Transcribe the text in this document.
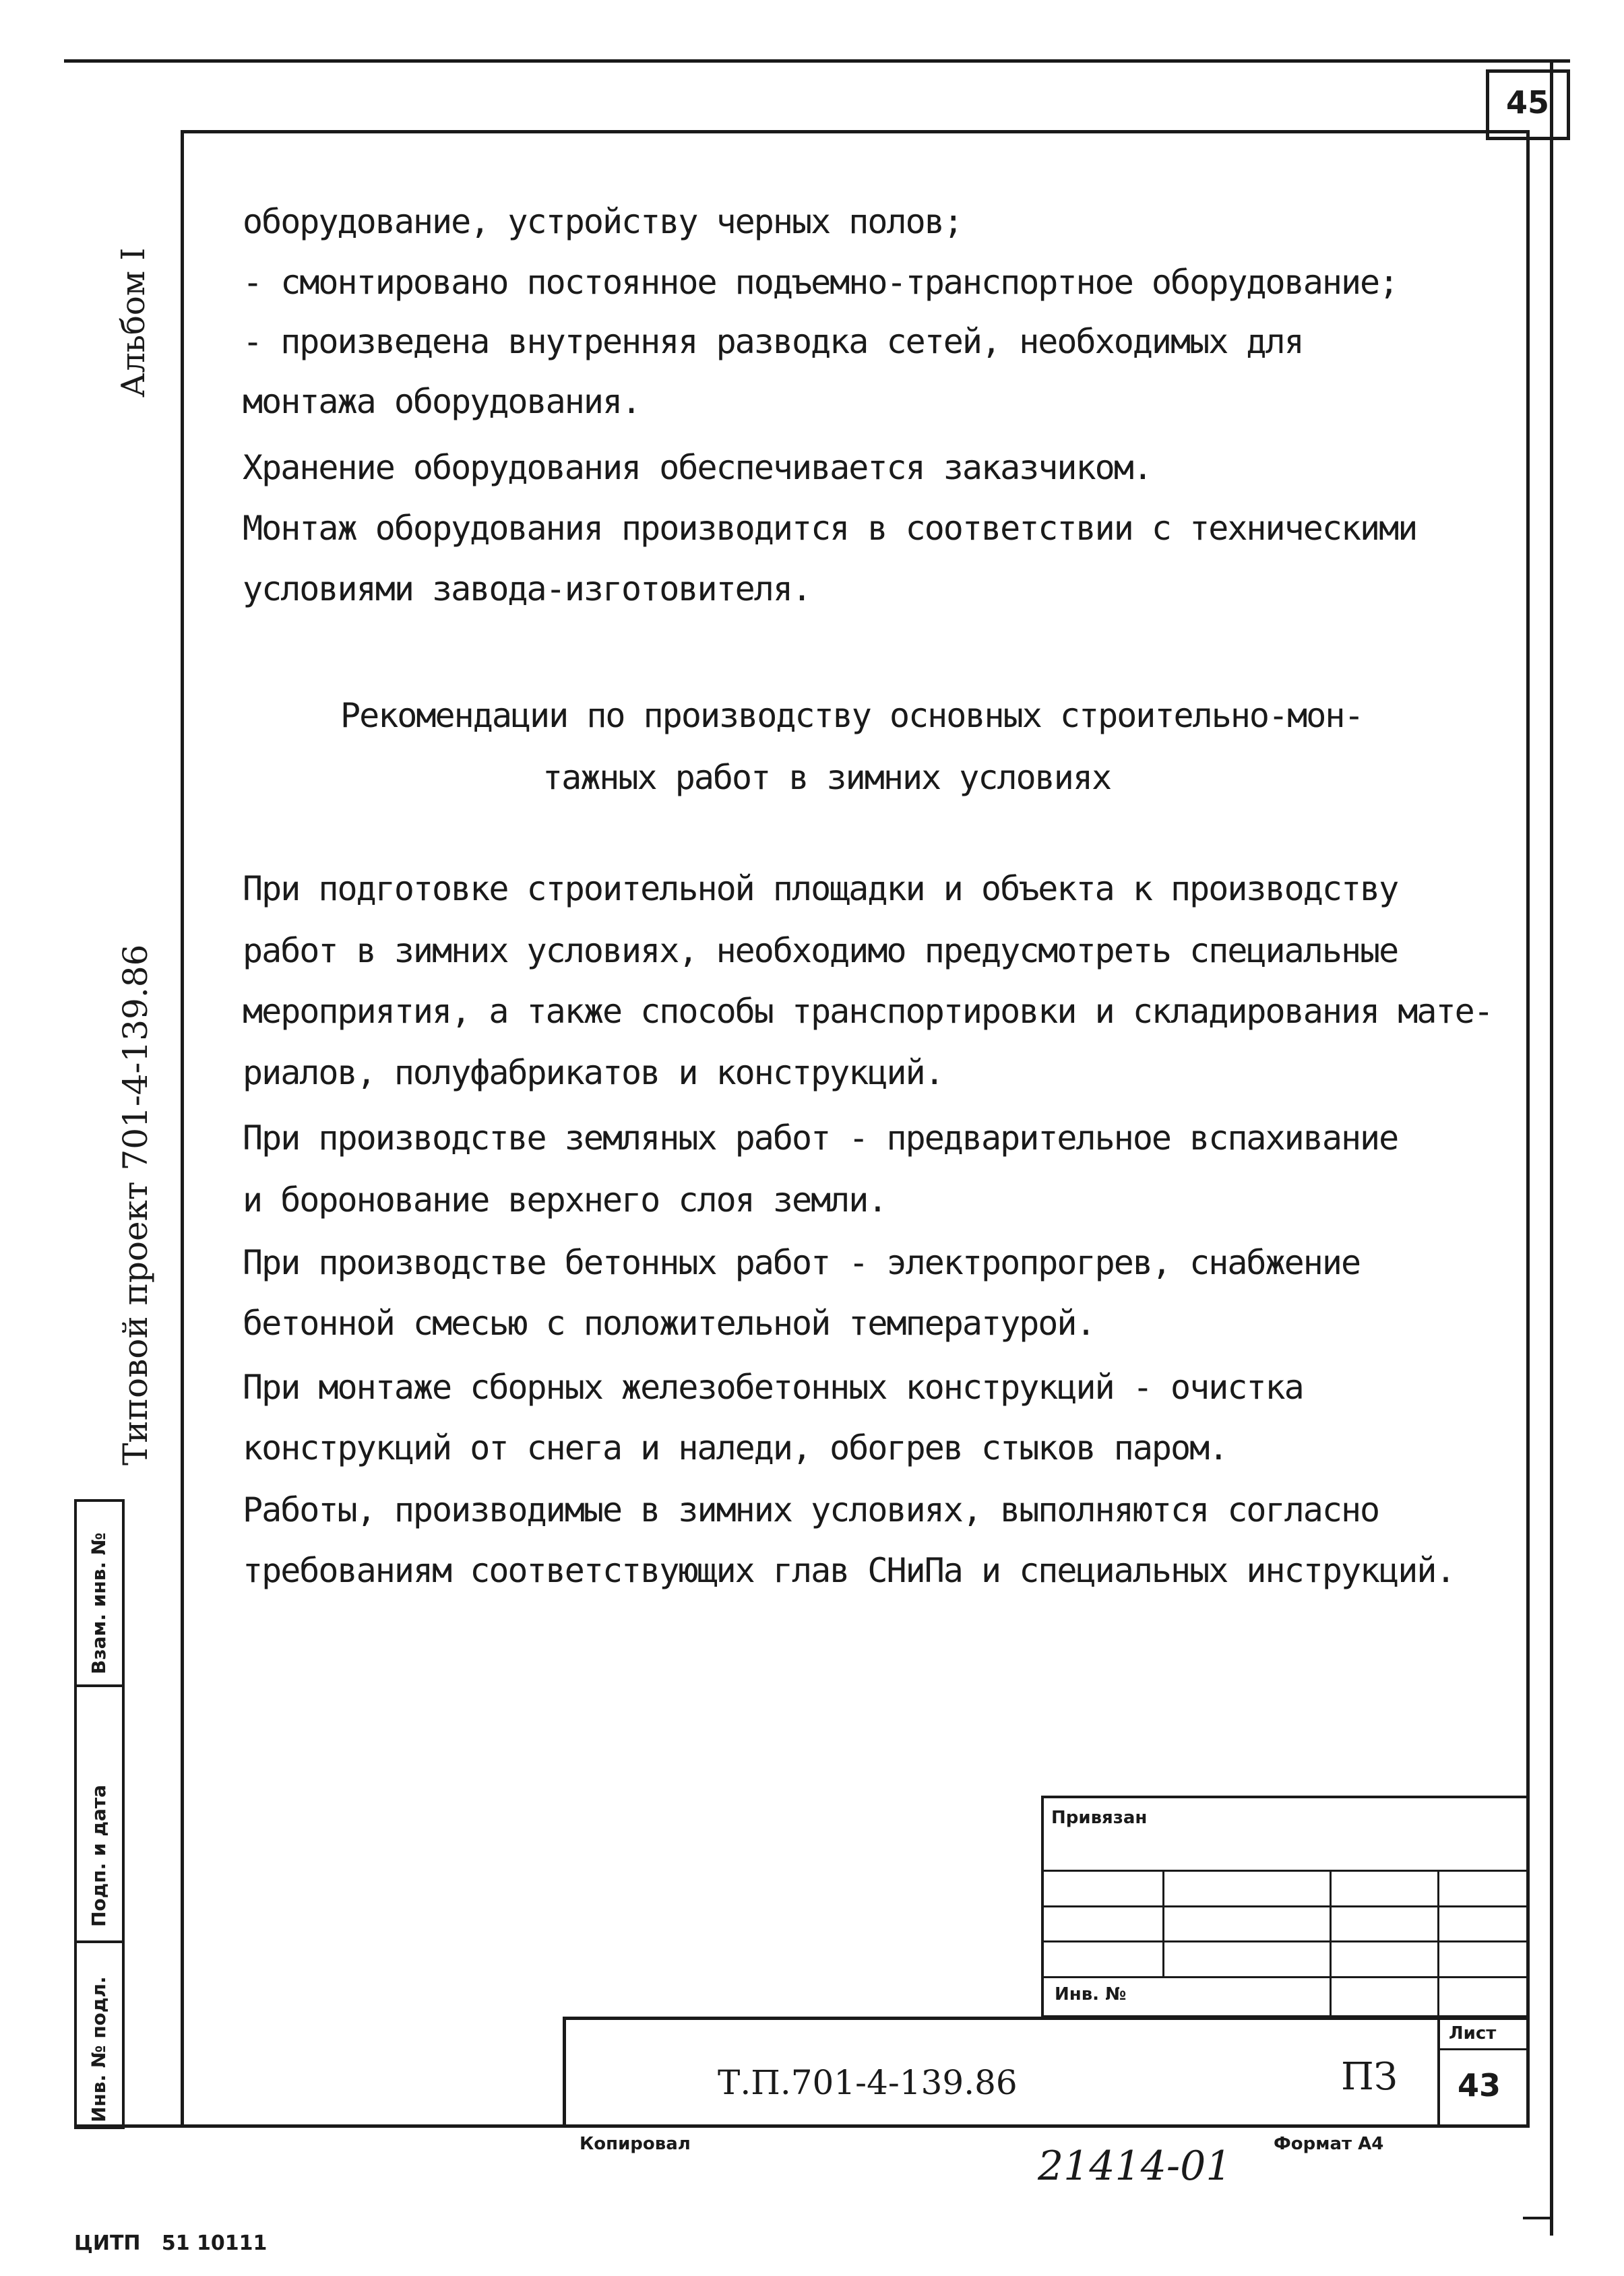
45
Альбом I
Типовой проект 701-4-139.86
Взам. инв. №
Подп. и дата
Инв. № подл.
оборудование, устройству черных полов;
- смонтировано постоянное подъемно-транспортное оборудование;
- произведена внутренняя разводка сетей, необходимых для
монтажа оборудования.
Хранение оборудования обеспечивается заказчиком.
Монтаж оборудования производится в соответствии с техническими
условиями завода-изготовителя.
Рекомендации по производству основных строительно-мон-
тажных работ в зимних условиях
При подготовке строительной площадки и объекта к производству
работ в зимних условиях, необходимо предусмотреть специальные
мероприятия, а также способы транспортировки и складирования мате-
риалов, полуфабрикатов и конструкций.
При производстве земляных работ - предварительное вспахивание
и боронование верхнего слоя земли.
При производстве бетонных работ - электропрогрев, снабжение
бетонной смесью с положительной температурой.
При монтаже сборных железобетонных конструкций - очистка
конструкций от снега и наледи, обогрев стыков паром.
Работы, производимые в зимних условиях, выполняются согласно
требованиям соответствующих глав СНиПа и специальных инструкций.
Привязан
Инв. №
Т.П.701-4-139.86	ПЗ
Лист
43
Копировал	21414-01 Формат А4
ЦИТП   51 10111
